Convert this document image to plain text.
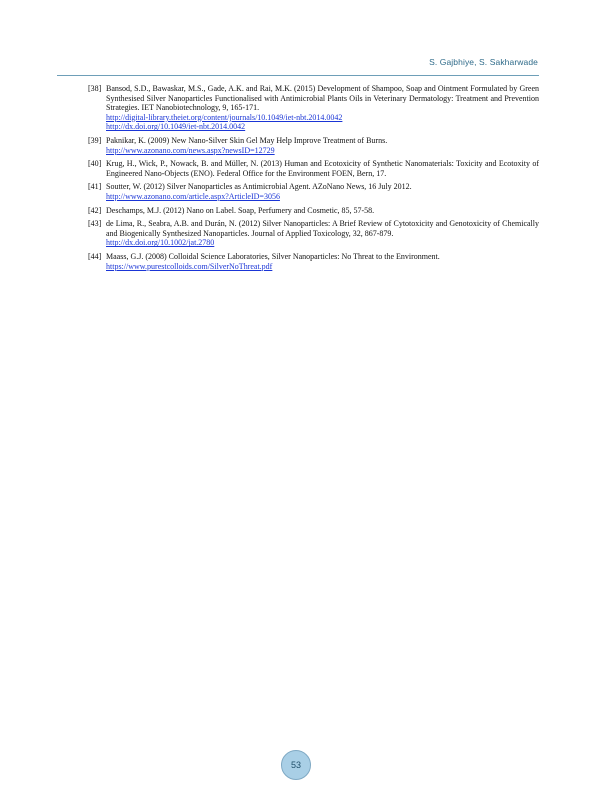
S. Gajbhiye, S. Sakharwade
[38] Bansod, S.D., Bawaskar, M.S., Gade, A.K. and Rai, M.K. (2015) Development of Shampoo, Soap and Ointment Formulated by Green Synthesised Silver Nanoparticles Functionalised with Antimicrobial Plants Oils in Veterinary Dermatology: Treatment and Prevention Strategies. IET Nanobiotechnology, 9, 165-171.
http://digital-library.theiet.org/content/journals/10.1049/iet-nbt.2014.0042
http://dx.doi.org/10.1049/iet-nbt.2014.0042
[39] Paknikar, K. (2009) New Nano-Silver Skin Gel May Help Improve Treatment of Burns.
http://www.azonano.com/news.aspx?newsID=12729
[40] Krug, H., Wick, P., Nowack, B. and Müller, N. (2013) Human and Ecotoxicity of Synthetic Nanomaterials: Toxicity and Ecotoxity of Engineered Nano-Objects (ENO). Federal Office for the Environment FOEN, Bern, 17.
[41] Soutter, W. (2012) Silver Nanoparticles as Antimicrobial Agent. AZoNano News, 16 July 2012.
http://www.azonano.com/article.aspx?ArticleID=3056
[42] Deschamps, M.J. (2012) Nano on Label. Soap, Perfumery and Cosmetic, 85, 57-58.
[43] de Lima, R., Seabra, A.B. and Durán, N. (2012) Silver Nanoparticles: A Brief Review of Cytotoxicity and Genotoxicity of Chemically and Biogenically Synthesized Nanoparticles. Journal of Applied Toxicology, 32, 867-879.
http://dx.doi.org/10.1002/jat.2780
[44] Maass, G.J. (2008) Colloidal Science Laboratories, Silver Nanoparticles: No Threat to the Environment.
https://www.purestcolloids.com/SilverNoThreat.pdf
53
